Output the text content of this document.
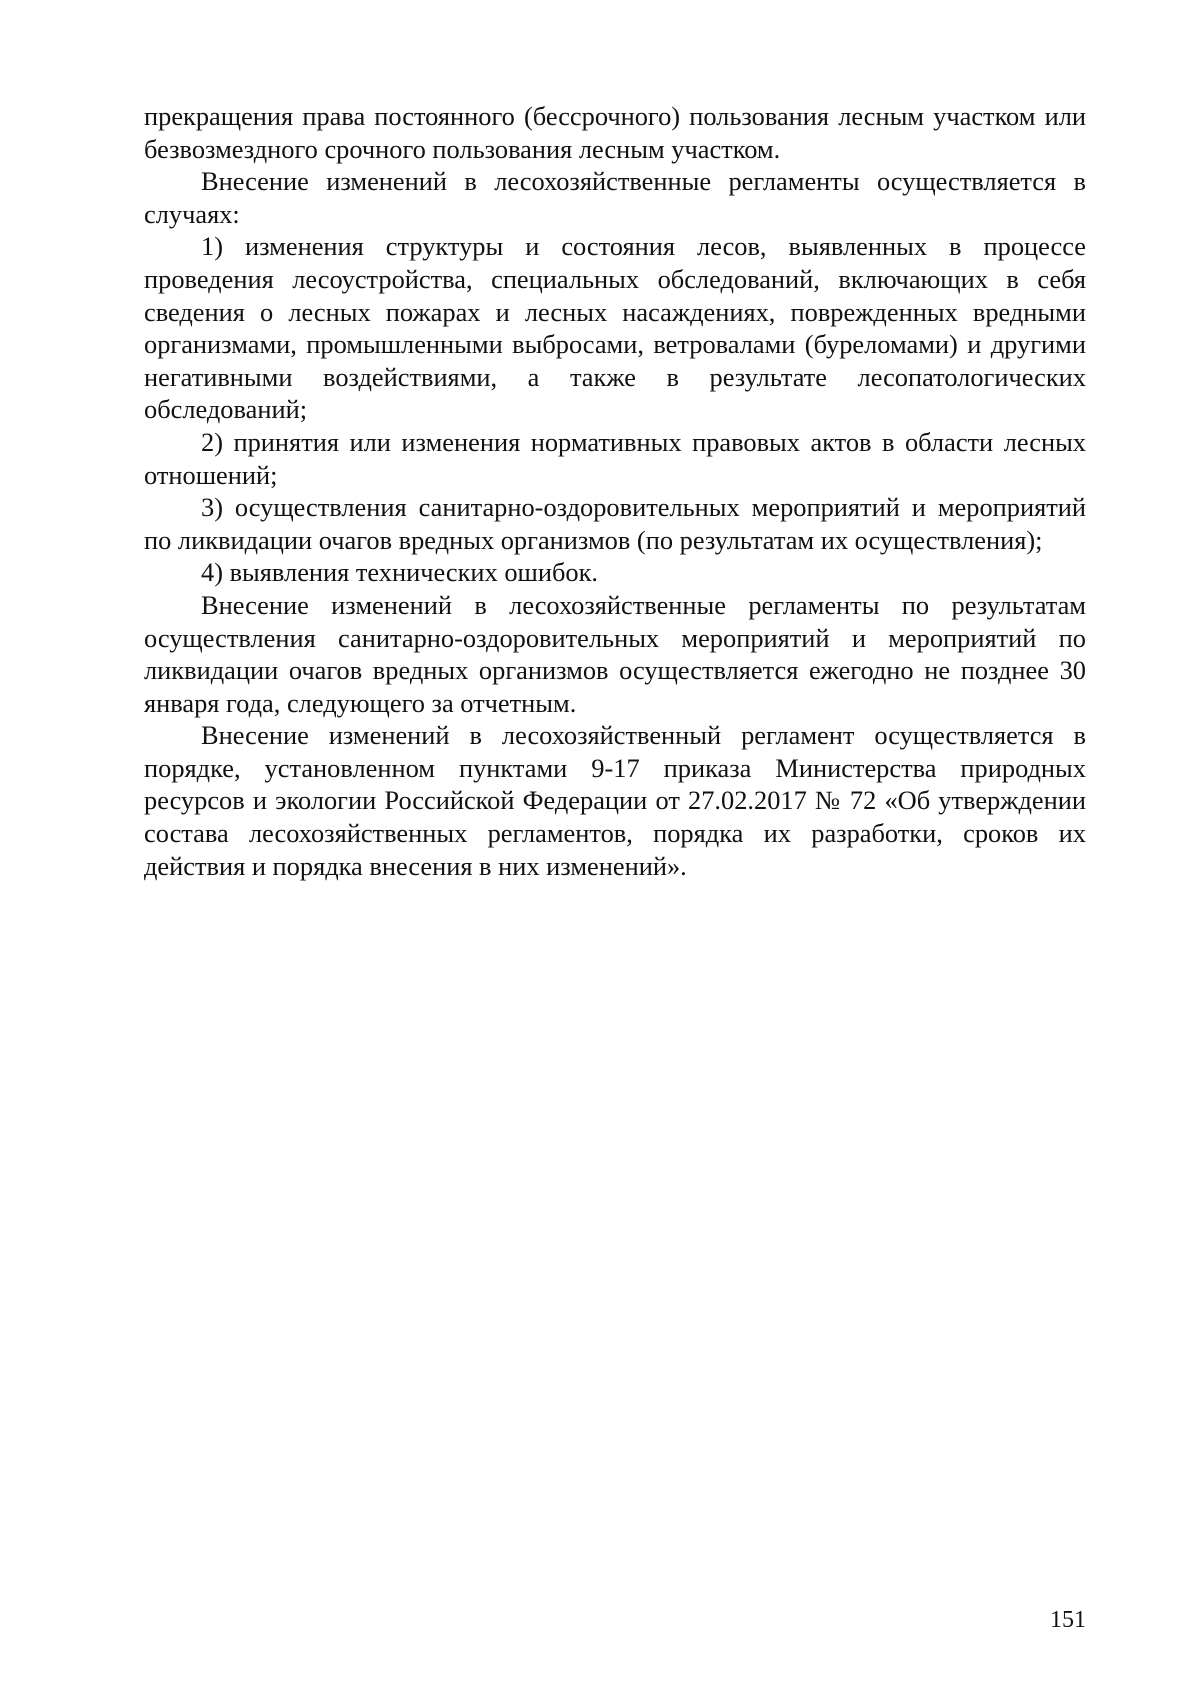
прекращения права постоянного (бессрочного) пользования лесным участком или безвозмездного срочного пользования лесным участком.

Внесение изменений в лесохозяйственные регламенты осуществляется в случаях:

1) изменения структуры и состояния лесов, выявленных в процессе проведения лесоустройства, специальных обследований, включающих в себя сведения о лесных пожарах и лесных насаждениях, поврежденных вредными организмами, промышленными выбросами, ветровалами (буреломами) и другими негативными воздействиями, а также в результате лесопатологических обследований;

2) принятия или изменения нормативных правовых актов в области лесных отношений;

3) осуществления санитарно-оздоровительных мероприятий и мероприятий по ликвидации очагов вредных организмов (по результатам их осуществления);

4) выявления технических ошибок.

Внесение изменений в лесохозяйственные регламенты по результатам осуществления санитарно-оздоровительных мероприятий и мероприятий по ликвидации очагов вредных организмов осуществляется ежегодно не позднее 30 января года, следующего за отчетным.

Внесение изменений в лесохозяйственный регламент осуществляется в порядке, установленном пунктами 9-17 приказа Министерства природных ресурсов и экологии Российской Федерации от 27.02.2017 № 72 «Об утверждении состава лесохозяйственных регламентов, порядка их разработки, сроков их действия и порядка внесения в них изменений».

151
